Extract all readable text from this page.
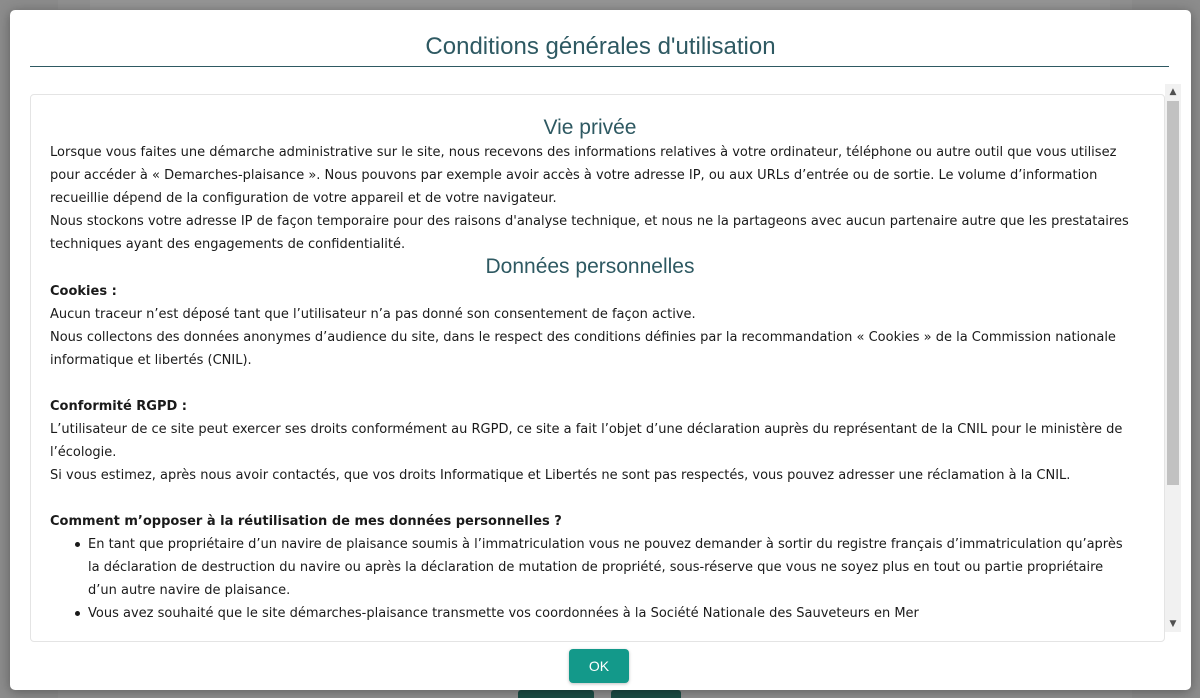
Conditions générales d'utilisation
Vie privée
Lorsque vous faites une démarche administrative sur le site, nous recevons des informations relatives à votre ordinateur, téléphone ou autre outil que vous utilisez pour accéder à « Demarches-plaisance ». Nous pouvons par exemple avoir accès à votre adresse IP, ou aux URLs d’entrée ou de sortie. Le volume d’information recueillie dépend de la configuration de votre appareil et de votre navigateur.
Nous stockons votre adresse IP de façon temporaire pour des raisons d'analyse technique, et nous ne la partageons avec aucun partenaire autre que les prestataires techniques ayant des engagements de confidentialité.
Données personnelles
Cookies :
Aucun traceur n’est déposé tant que l’utilisateur n’a pas donné son consentement de façon active.
Nous collectons des données anonymes d’audience du site, dans le respect des conditions définies par la recommandation « Cookies » de la Commission nationale informatique et libertés (CNIL).
Conformité RGPD :
L’utilisateur de ce site peut exercer ses droits conformément au RGPD, ce site a fait l’objet d’une déclaration auprès du représentant de la CNIL pour le ministère de l’écologie.
Si vous estimez, après nous avoir contactés, que vos droits Informatique et Libertés ne sont pas respectés, vous pouvez adresser une réclamation à la CNIL.
Comment m’opposer à la réutilisation de mes données personnelles ?
En tant que propriétaire d’un navire de plaisance soumis à l’immatriculation vous ne pouvez demander à sortir du registre français d’immatriculation qu’après la déclaration de destruction du navire ou après la déclaration de mutation de propriété, sous-réserve que vous ne soyez plus en tout ou partie propriétaire d’un autre navire de plaisance.
Vous avez souhaité que le site démarches-plaisance transmette vos coordonnées à la Société Nationale des Sauveteurs en Mer
OK
▲
▼
